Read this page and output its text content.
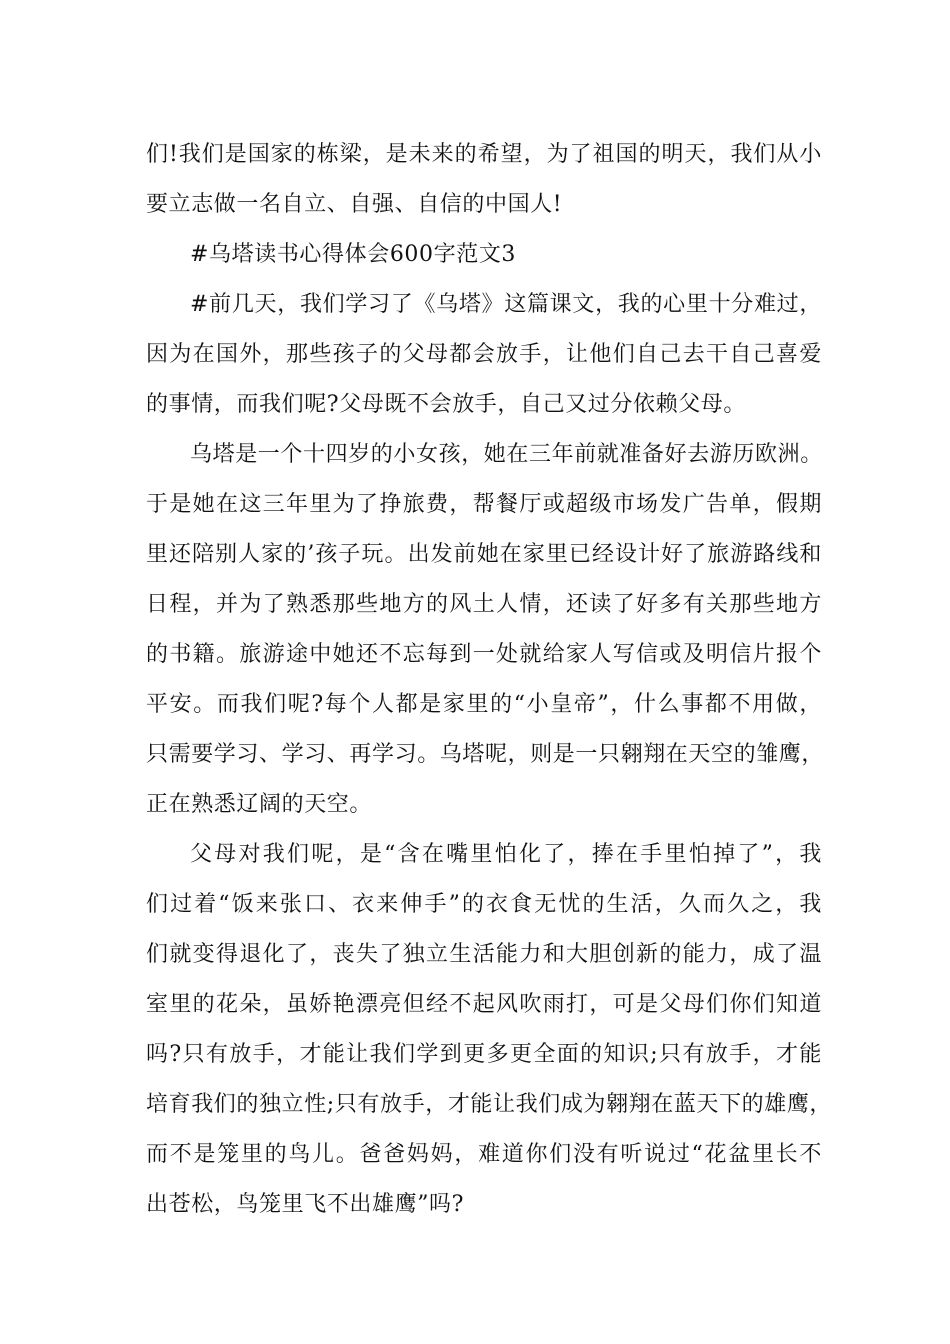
们!我们是国家的栋梁，是未来的希望，为了祖国的明天，我们从小
要立志做一名自立、自强、自信的中国人!
#乌塔读书心得体会600字范文3
#前几天，我们学习了《乌塔》这篇课文，我的心里十分难过，
因为在国外，那些孩子的父母都会放手，让他们自己去干自己喜爱
的事情，而我们呢?父母既不会放手，自己又过分依赖父母。
乌塔是一个十四岁的小女孩，她在三年前就准备好去游历欧洲。
于是她在这三年里为了挣旅费，帮餐厅或超级市场发广告单，假期
里还陪别人家的’孩子玩。出发前她在家里已经设计好了旅游路线和
日程，并为了熟悉那些地方的风土人情，还读了好多有关那些地方
的书籍。旅游途中她还不忘每到一处就给家人写信或及明信片报个
平安。而我们呢?每个人都是家里的“小皇帝”，什么事都不用做，
只需要学习、学习、再学习。乌塔呢，则是一只翱翔在天空的雏鹰，
正在熟悉辽阔的天空。
父母对我们呢，是“含在嘴里怕化了，捧在手里怕掉了”，我
们过着“饭来张口、衣来伸手”的衣食无忧的生活，久而久之，我
们就变得退化了，丧失了独立生活能力和大胆创新的能力，成了温
室里的花朵，虽娇艳漂亮但经不起风吹雨打，可是父母们你们知道
吗?只有放手，才能让我们学到更多更全面的知识;只有放手，才能
培育我们的独立性;只有放手，才能让我们成为翱翔在蓝天下的雄鹰，
而不是笼里的鸟儿。爸爸妈妈，难道你们没有听说过“花盆里长不
出苍松，鸟笼里飞不出雄鹰”吗?
